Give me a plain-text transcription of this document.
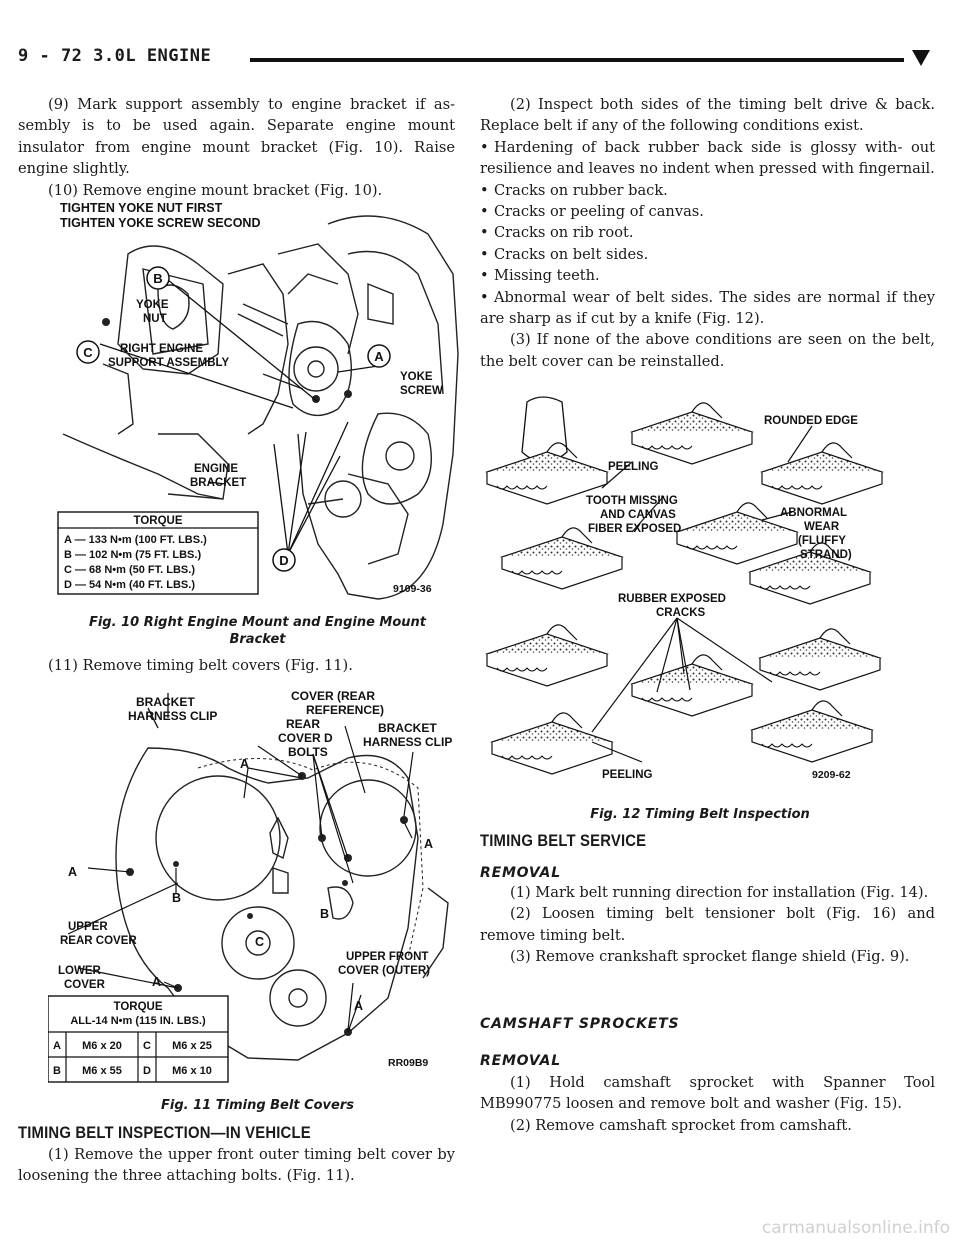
9 - 72 3.0L ENGINE

(9) Mark support assembly to engine bracket if as- sembly is to be used again. Separate engine mount insulator from engine mount bracket (Fig. 10). Raise engine slightly.

(10) Remove engine mount bracket (Fig. 10).

B
C	A
D
TIGHTEN YOKE NUT FIRST
TIGHTEN YOKE SCREW SECOND
YOKE
NUT
RIGHT ENGINE
SUPPORT ASSEMBLY
YOKE
SCREW
ENGINE
BRACKET
TORQUE
A — 133 N•m (100 FT. LBS.)
B — 102 N•m (75 FT. LBS.)
C — 68 N•m (50 FT. LBS.)
D — 54 N•m (40 FT. LBS.)	9109-36
Fig. 10 Right Engine Mount and Engine Mount
Bracket

(11) Remove timing belt covers (Fig. 11).

BRACKET
HARNESS CLIP
COVER (REAR
REFERENCE)
REAR
COVER D
BOLTS
BRACKET
HARNESS CLIP
A
A
A
B
B
C
UPPER
REAR COVER
LOWER
COVER	A
UPPER FRONT
COVER (OUTER)
A
TORQUE
ALL-14 N•m (115 IN. LBS.)
A M6 x 20 C M6 x 25
B M6 x 55 D M6 x 10
RR09B9
Fig. 11 Timing Belt Covers
TIMING BELT INSPECTION—IN VEHICLE

(1) Remove the upper front outer timing belt cover by loosening the three attaching bolts. (Fig. 11).

(2) Inspect both sides of the timing belt drive & back. Replace belt if any of the following conditions exist.

• Hardening of back rubber back side is glossy with- out resilience and leaves no indent when pressed with fingernail.

• Cracks on rubber back.

• Cracks or peeling of canvas.

• Cracks on rib root.

• Cracks on belt sides.

• Missing teeth.

• Abnormal wear of belt sides. The sides are normal if they are sharp as if cut by a knife (Fig. 12).

(3) If none of the above conditions are seen on the belt, the belt cover can be reinstalled.

ROUNDED EDGE
PEELING
TOOTH MISSING
AND CANVAS
FIBER EXPOSED
ABNORMAL
WEAR
(FLUFFY
STRAND)
RUBBER EXPOSED
CRACKS
PEELING	9209-62
Fig. 12 Timing Belt Inspection
TIMING BELT SERVICE
REMOVAL

(1) Mark belt running direction for installation (Fig. 14).

(2) Loosen timing belt tensioner bolt (Fig. 16) and remove timing belt.

(3) Remove crankshaft sprocket flange shield (Fig. 9).

CAMSHAFT SPROCKETS
REMOVAL

(1) Hold camshaft sprocket with Spanner Tool MB990775 loosen and remove bolt and washer (Fig. 15).

(2) Remove camshaft sprocket from camshaft.

carmanualsonline.info
